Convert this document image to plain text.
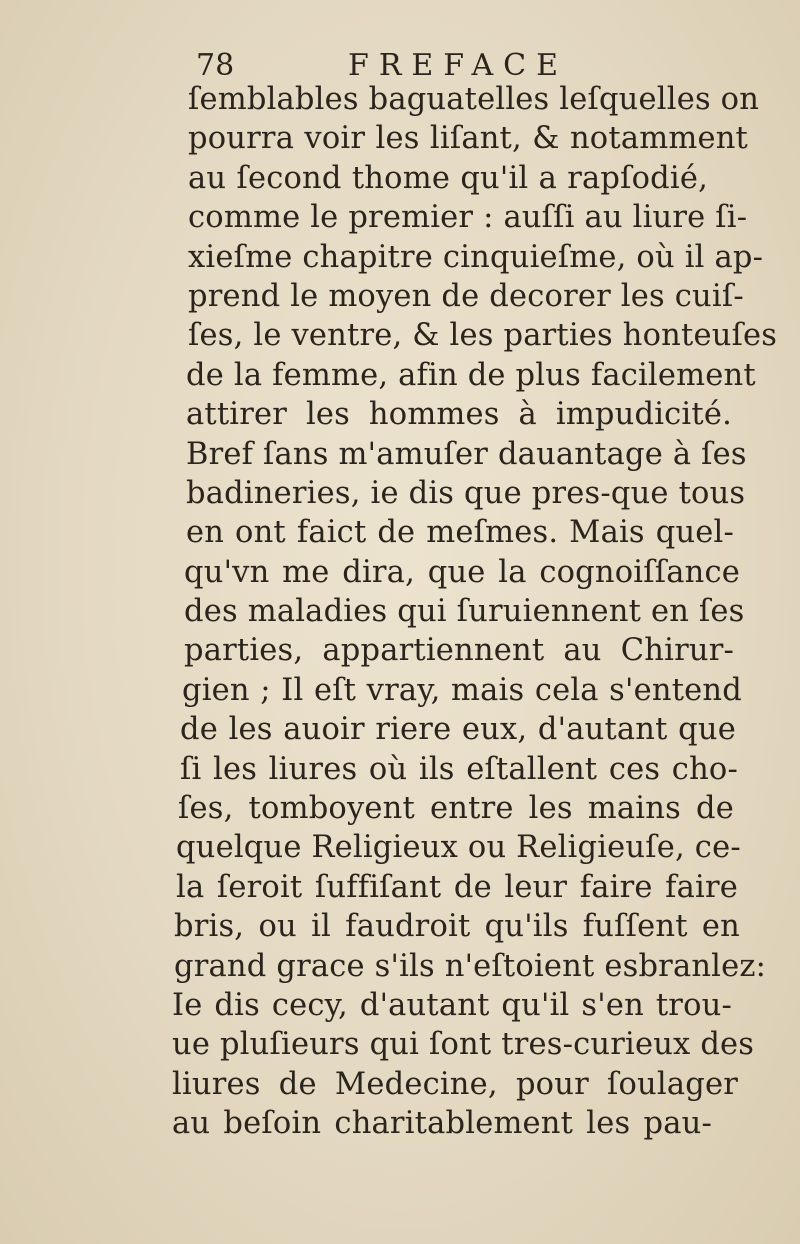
78	FREFACE
ſemblables baguatelles leſquelles on
pourra voir les liſant, & notamment
au ſecond thome qu'il a rapſodié,
comme le premier : auſſi au liure ſi-
xieſme chapitre cinquieſme, où il ap-
prend le moyen de decorer les cuiſ-
ſes, le ventre, & les parties honteuſes
de la femme, afin de plus facilement
attirer les hommes à impudicité.
Bref ſans m'amuſer dauantage à ſes
badineries, ie dis que pres-que tous
en ont faict de meſmes. Mais quel-
qu'vn me dira, que la cognoiſſance
des maladies qui ſuruiennent en ſes
parties, appartiennent au Chirur-
gien ; Il eſt vray, mais cela s'entend
de les auoir riere eux, d'autant que
ſi les liures où ils eſtallent ces cho-
ſes, tomboyent entre les mains de
quelque Religieux ou Religieuſe, ce-
la ſeroit ſuffiſant de leur faire faire
bris, ou il faudroit qu'ils fuſſent en
grand grace s'ils n'eſtoient esbranlez:
Ie dis cecy, d'autant qu'il s'en trou-
ue pluſieurs qui ſont tres-curieux des
liures de Medecine, pour ſoulager
au beſoin charitablement les pau-
